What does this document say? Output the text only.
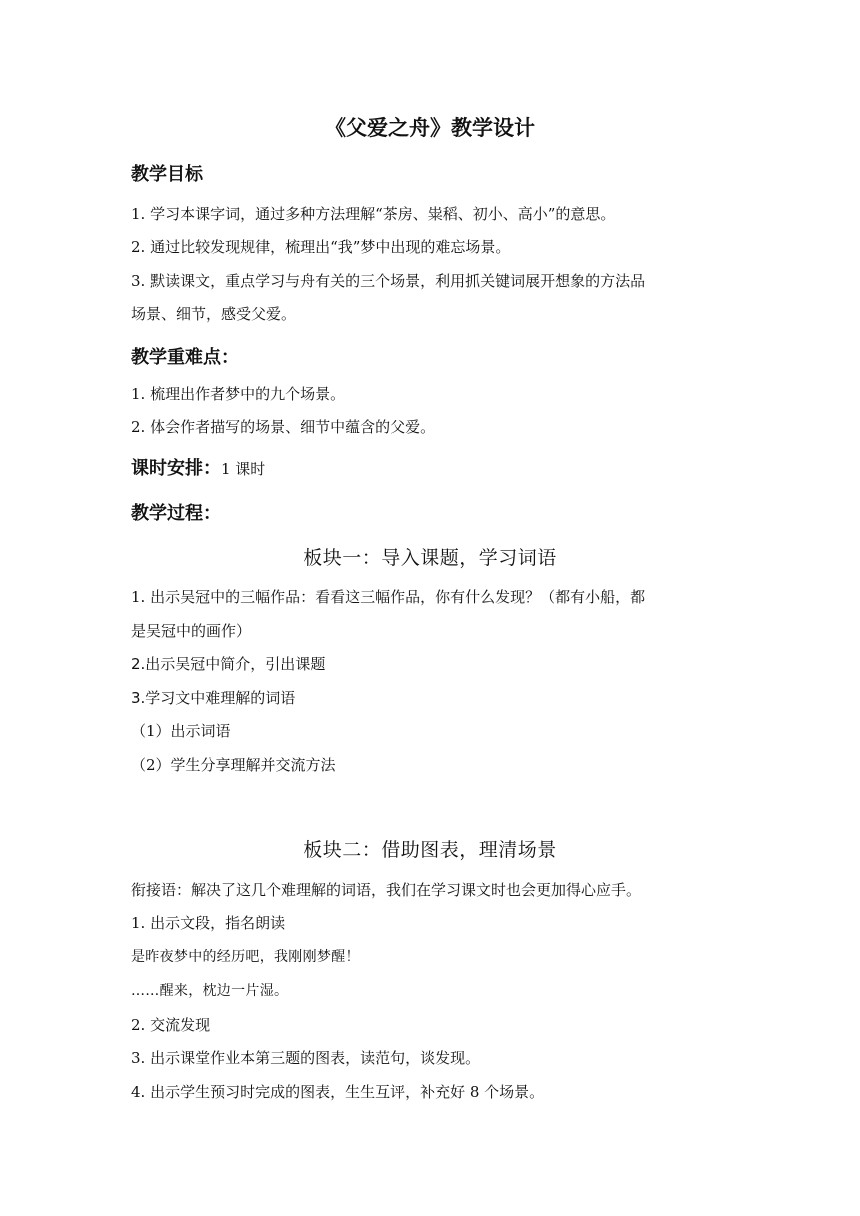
《父爱之舟》教学设计
教学目标
1. 学习本课字词，通过多种方法理解“茶房、粜稻、初小、高小”的意思。
2. 通过比较发现规律，梳理出“我”梦中出现的难忘场景。
3. 默读课文，重点学习与舟有关的三个场景，利用抓关键词展开想象的方法品
场景、细节，感受父爱。
教学重难点：
1. 梳理出作者梦中的九个场景。
2. 体会作者描写的场景、细节中蕴含的父爱。
课时安排：1 课时
教学过程：
板块一：导入课题，学习词语
1. 出示吴冠中的三幅作品：看看这三幅作品，你有什么发现？（都有小船，都
是吴冠中的画作）
2.出示吴冠中简介，引出课题
3.学习文中难理解的词语
（1）出示词语
（2）学生分享理解并交流方法
板块二：借助图表，理清场景
衔接语：解决了这几个难理解的词语，我们在学习课文时也会更加得心应手。
1. 出示文段，指名朗读
是昨夜梦中的经历吧，我刚刚梦醒！
……醒来，枕边一片湿。
2. 交流发现
3. 出示课堂作业本第三题的图表，读范句，谈发现。
4. 出示学生预习时完成的图表，生生互评，补充好 8 个场景。
